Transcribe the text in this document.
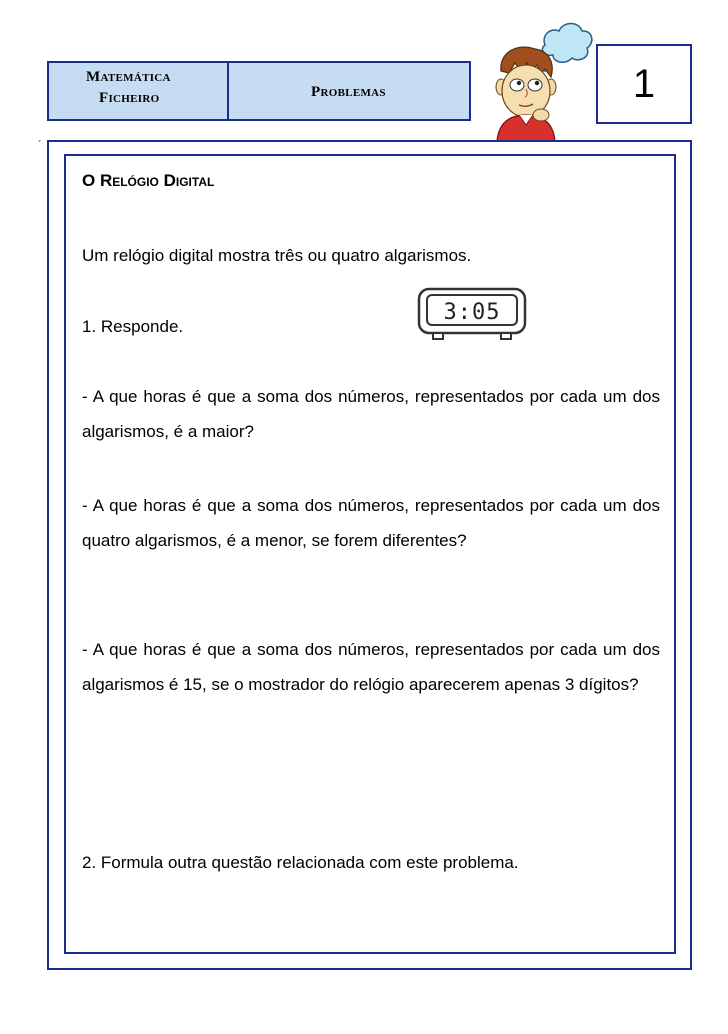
Matemática
Ficheiro	Problemas	1
´
O Relógio Digital
Um relógio digital mostra três ou quatro algarismos.
3:05
1. Responde.
- A que horas é que a soma dos números, representados por cada um dos algarismos, é a maior?
- A que horas é que a soma dos números, representados por cada um dos quatro algarismos, é a menor, se forem diferentes?
- A que horas é que a soma dos números, representados por cada um dos algarismos é 15, se o mostrador do relógio aparecerem apenas 3 dígitos?
2. Formula outra questão relacionada com este problema.
